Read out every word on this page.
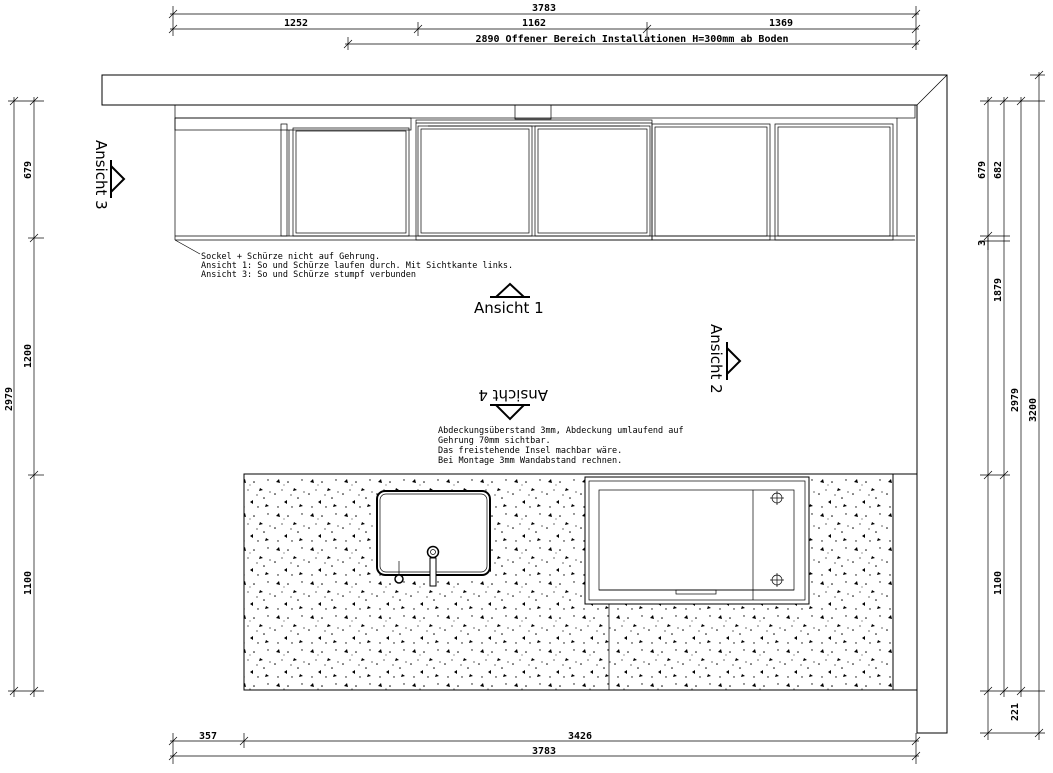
Ansicht 1
Ansicht 2
Ansicht 3
Ansicht 4
Sockel + Schürze nicht auf Gehrung.
Ansicht 1: So und Schürze laufen durch. Mit Sichtkante links.
Ansicht 3: So und Schürze stumpf verbunden
Abdeckungsüberstand 3mm, Abdeckung umlaufend auf
Gehrung 70mm sichtbar.
Das freistehende Insel machbar wäre.
Bei Montage 3mm Wandabstand rechnen.
3783
1252	1162	1369
2890 Offener Bereich Installationen H=300mm ab Boden
2979
679
1200
1100
679 682
3
1879
2979 3200
1100
221
357	3426
3783
